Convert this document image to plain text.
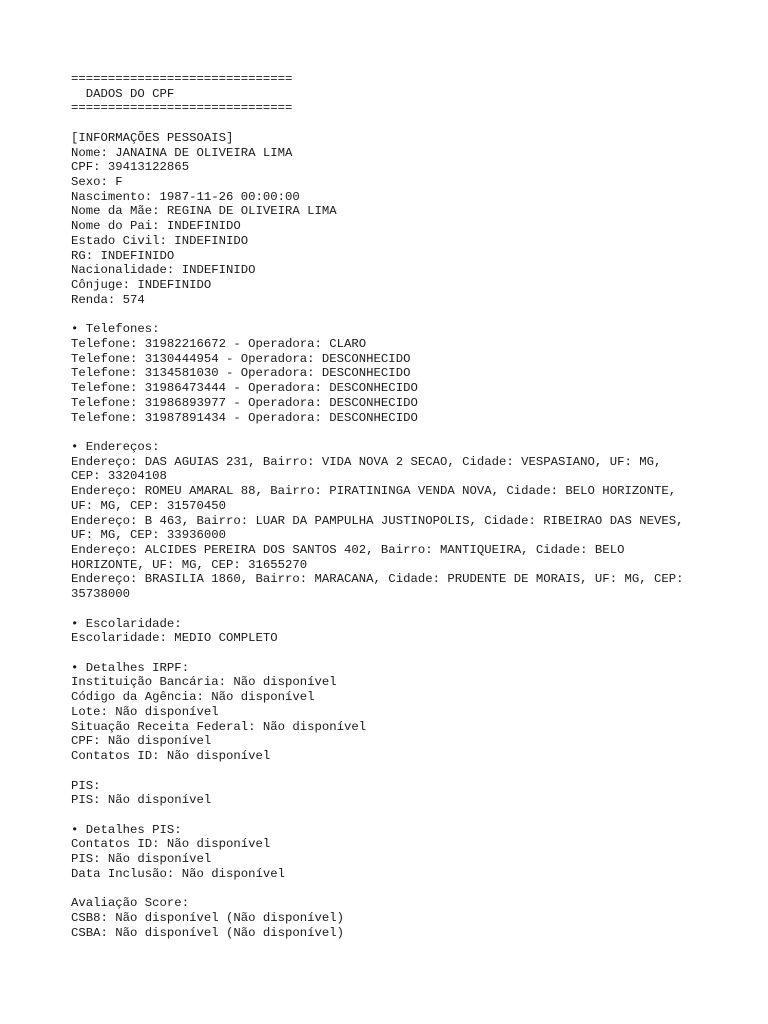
==============================
DADOS DO CPF
==============================
[INFORMAÇÕES PESSOAIS]
Nome: JANAINA DE OLIVEIRA LIMA
CPF: 39413122865
Sexo: F
Nascimento: 1987-11-26 00:00:00
Nome da Mãe: REGINA DE OLIVEIRA LIMA
Nome do Pai: INDEFINIDO
Estado Civil: INDEFINIDO
RG: INDEFINIDO
Nacionalidade: INDEFINIDO
Cônjuge: INDEFINIDO
Renda: 574
• Telefones:
Telefone: 31982216672 - Operadora: CLARO
Telefone: 3130444954 - Operadora: DESCONHECIDO
Telefone: 3134581030 - Operadora: DESCONHECIDO
Telefone: 31986473444 - Operadora: DESCONHECIDO
Telefone: 31986893977 - Operadora: DESCONHECIDO
Telefone: 31987891434 - Operadora: DESCONHECIDO
• Endereços:
Endereço: DAS AGUIAS 231, Bairro: VIDA NOVA 2 SECAO, Cidade: VESPASIANO, UF: MG,
CEP: 33204108
Endereço: ROMEU AMARAL 88, Bairro: PIRATININGA VENDA NOVA, Cidade: BELO HORIZONTE,
UF: MG, CEP: 31570450
Endereço: B 463, Bairro: LUAR DA PAMPULHA JUSTINOPOLIS, Cidade: RIBEIRAO DAS NEVES,
UF: MG, CEP: 33936000
Endereço: ALCIDES PEREIRA DOS SANTOS 402, Bairro: MANTIQUEIRA, Cidade: BELO
HORIZONTE, UF: MG, CEP: 31655270
Endereço: BRASILIA 1860, Bairro: MARACANA, Cidade: PRUDENTE DE MORAIS, UF: MG, CEP:
35738000
• Escolaridade:
Escolaridade: MEDIO COMPLETO
• Detalhes IRPF:
Instituição Bancária: Não disponível
Código da Agência: Não disponível
Lote: Não disponível
Situação Receita Federal: Não disponível
CPF: Não disponível
Contatos ID: Não disponível
PIS:
PIS: Não disponível
• Detalhes PIS:
Contatos ID: Não disponível
PIS: Não disponível
Data Inclusão: Não disponível
Avaliação Score:
CSB8: Não disponível (Não disponível)
CSBA: Não disponível (Não disponível)
